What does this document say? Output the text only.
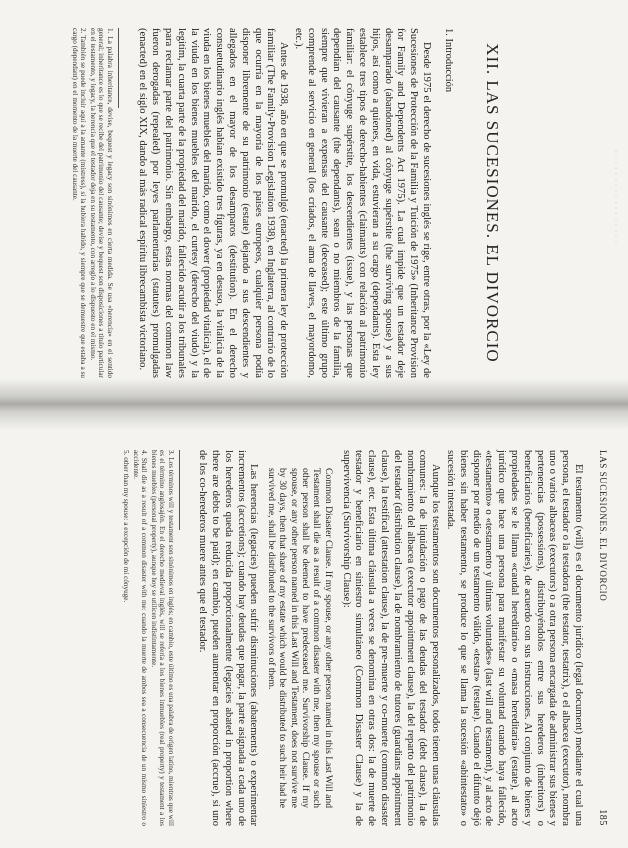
· · · · · · · · · · · · · · · · ·
XII. LAS SUCESIONES. EL DIVORCIO
1. Introducción

Desde 1975 el derecho de sucesiones inglés se rige, entre otras, por la «Ley de Sucesiones de Protección de la Familia y Tuición de 1975» (Inheritance Provision for Family and Dependents Act 1975). La cual impide que un testador deje desamparado (abandoned) al cónyuge supérstite (the surviving spouse) y a sus hijos, así como a quienes, en vida, estuvieran a su cargo (dependants). Esta ley establece tres tipos de derecho-habientes (claimants) con relación al patrimonio familiar: el cónyuge supérstite, los descendientes (issue), y las personas que dependían del causante (the dependants), sean o no miembros de la familia, siempre que vivieran a expensas del causante (deceased); este último grupo comprende al servicio en general (los criados, el ama de llaves, el mayordomo, etc.).

Antes de 1938, año en que se promulgó (enacted) la primera ley de protección familiar (The Family-Provision Legislation 1938), en Inglaterra, al contrario de lo que ocurría en la mayoría de los países europeos, cualquier persona podía disponer libremente de su patrimonio (estate) dejando a sus descendientes y allegados en el mayor de los desamparos (destitution). En el derecho consuetudinario inglés habían existido tres figuras, ya en desuso, la vitalicia de la viuda en los bienes muebles del marido, como el dower (propiedad vitalicia), el de la viuda en los bienes muebles del marido, el curtesy (derecho del viudo) y la legitim, la cuarta parte de la propiedad del marido, fallecido acudir a los tribunales para reclamar parte del patrimonio. Sin embargo, estas normas del common law fueron derogadas (repealed) por leyes parlamentarias (statutes) promulgadas (enacted) en el siglo XIX, dando al más radical espíritu librecambista victoriano.

1. La palabra inheritance, devise, bequest y legacy son sinónimos en cierta medida. Se usa «herencia» en el sentido general; inheritance es lo que se recibe del patrimonio del causante; devise y bequest son disposiciones a título particular en el testamento, y legacy, la herencia que el testador deja en su testamento, con arreglo a lo dispuesto en el mismo.

2. También se puede incluir aquí a la amante (mistress), si la hubiera habido, y siempre que se demuestre que estaba a su cargo (dependant) en el momento de la muerte del causante.

LAS SUCESIONES. EL DIVORCIO
185

El testamento (will) es el documento jurídico (legal document) mediante el cual una persona, el testador o la testadora (the testator, testatrix), o el albacea (executor), nombra uno o varios albaceas (executors) o a otra persona encargada de administrar sus bienes y pertenencias (possessions), distribuyéndolos entre sus herederos (inheritors) o beneficiarios (beneficiaries), de acuerdo con sus instrucciones. Al conjunto de bienes y propiedades se le llama «caudal hereditario» o «masa hereditaria» (estate), al acto jurídico que hace una persona para manifestar su voluntad cuando haya fallecido, «testamento» o «testamento y últimas voluntades» (last will and testament), y al acto de disponer por medio de un testamento válido, «testar» (testate). Cuando el difunto dejó bienes sin haber testamento, se produce lo que se llama la sucesión «abintestato» o sucesión intestada.

Aunque los testamentos son documentos personalizados, todos tienen unas cláusulas comunes: la de liquidación o pago de las deudas del testador (debt clause), la de nombramiento del albacea (executor appointment clause), la del reparto del patrimonio del testador (distribution clause), la de nombramiento de tutores (guardians appointment clause), la testifical (attestation clause), la de pre-muerte y co-muerte (common disaster clause), etc. Esta última cláusula a veces se denomina en otras dos: la de muerte de testador y beneficiario en siniestro simultáneo (Common Disaster Clause) y la de supervivencia (Survivorship Clause):

Common Disaster Clause. If my spouse, or any other person named in this Last Will and Testament shall die as a result of a common disaster with me, then my spouse or such other person shall be deemed to have predeceased me. Survivorship Clause. If my spouse, or any other person named in this Last Will and Testament, does not survive me by 30 days, then that share of my estate which would be distributed to such heir had he survived me, shall be distributed to the survivors of them.

Las herencias (legacies) pueden sufrir disminuciones (abatements) o experimentar incrementos (accretions); cuando hay deudas que pagar, la parte asignada a cada uno de los herederos queda reducida proporcionalmente (legacies abated in proportion where there are debts to be paid); en cambio, pueden aumentar en proporción (accrue), si uno de los co-herederos muere antes que el testador.

3. Los términos will y testament son sinónimos en inglés; en cambio, este último es una palabra de origen latino, mientras que will es el término anglosajón. En el derecho medieval inglés, will se refería a los bienes inmuebles (real property) y testament a los bienes muebles (personal property), aunque hoy se utilicen indistintamente.

4. Shall die as a result of a common disaster with me: cuando la muerte de ambos sea a consecuencia de un mismo siniestro o accidente.

5. other than my spouse: a excepción de mi cónyuge.
